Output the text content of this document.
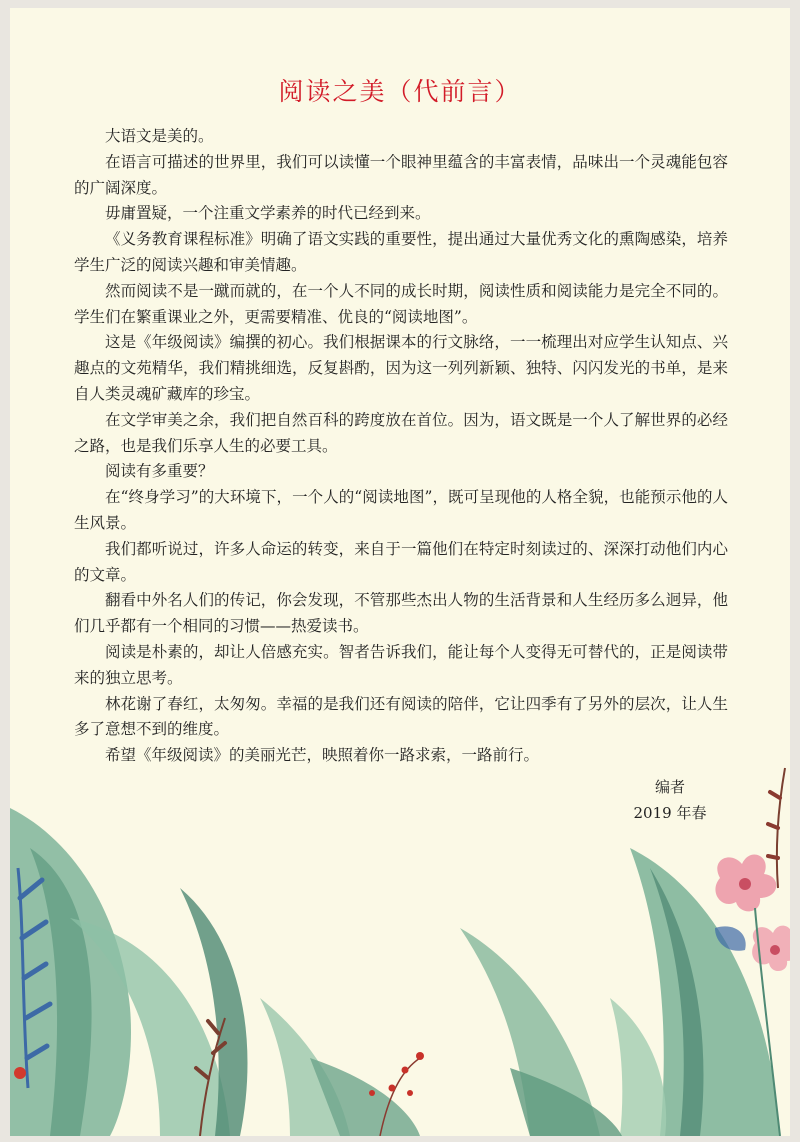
阅读之美（代前言）

大语文是美的。

在语言可描述的世界里，我们可以读懂一个眼神里蕴含的丰富表情，品味出一个灵魂能包容的广阔深度。

毋庸置疑，一个注重文学素养的时代已经到来。

《义务教育课程标准》明确了语文实践的重要性，提出通过大量优秀文化的熏陶感染，培养学生广泛的阅读兴趣和审美情趣。

然而阅读不是一蹴而就的，在一个人不同的成长时期，阅读性质和阅读能力是完全不同的。学生们在繁重课业之外，更需要精准、优良的“阅读地图”。

这是《年级阅读》编撰的初心。我们根据课本的行文脉络，一一梳理出对应学生认知点、兴趣点的文苑精华，我们精挑细选，反复斟酌，因为这一列列新颖、独特、闪闪发光的书单，是来自人类灵魂矿藏库的珍宝。

在文学审美之余，我们把自然百科的跨度放在首位。因为，语文既是一个人了解世界的必经之路，也是我们乐享人生的必要工具。

阅读有多重要？

在“终身学习”的大环境下，一个人的“阅读地图”，既可呈现他的人格全貌，也能预示他的人生风景。

我们都听说过，许多人命运的转变，来自于一篇他们在特定时刻读过的、深深打动他们内心的文章。

翻看中外名人们的传记，你会发现，不管那些杰出人物的生活背景和人生经历多么迥异，他们几乎都有一个相同的习惯——热爱读书。

阅读是朴素的，却让人倍感充实。智者告诉我们，能让每个人变得无可替代的，正是阅读带来的独立思考。

林花谢了春红，太匆匆。幸福的是我们还有阅读的陪伴，它让四季有了另外的层次，让人生多了意想不到的维度。

希望《年级阅读》的美丽光芒，映照着你一路求索，一路前行。

编者
2019 年春
